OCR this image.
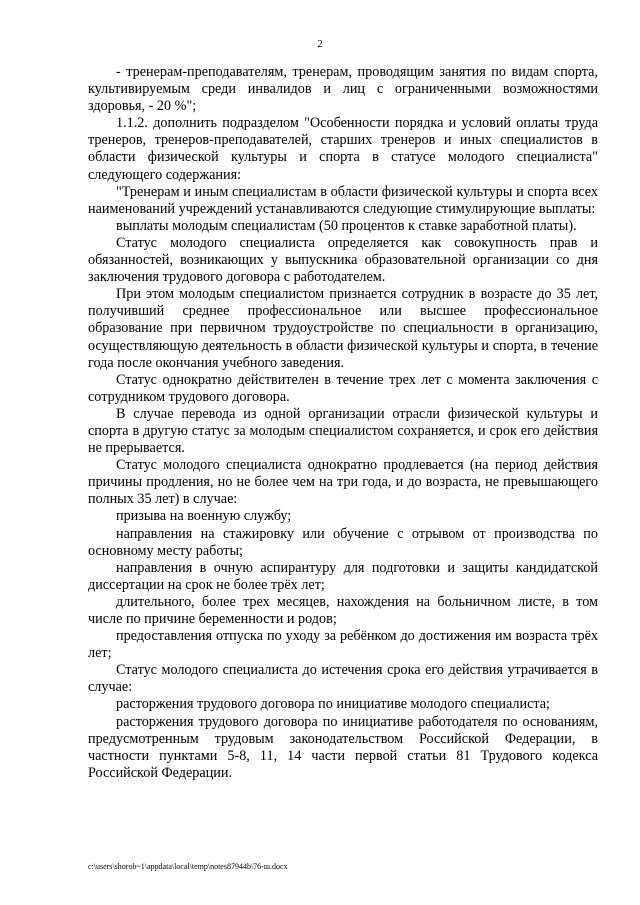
2

- тренерам-преподавателям, тренерам, проводящим занятия по видам спорта, культивируемым среди инвалидов и лиц с ограниченными возможностями здоровья, - 20 %";

1.1.2. дополнить подразделом "Особенности порядка и условий оплаты труда тренеров, тренеров-преподавателей, старших тренеров и иных специалистов в области физической культуры и спорта в статусе молодого специалиста" следующего содержания:

"Тренерам и иным специалистам в области физической культуры и спорта всех наименований учреждений устанавливаются следующие стимулирующие выплаты:

выплаты молодым специалистам (50 процентов к ставке заработной платы).

Статус молодого специалиста определяется как совокупность прав и обязанностей, возникающих у выпускника образовательной организации со дня заключения трудового договора с работодателем.

При этом молодым специалистом признается сотрудник в возрасте до 35 лет, получивший среднее профессиональное или высшее профессиональное образование при первичном трудоустройстве по специальности в организацию, осуществляющую деятельность в области физической культуры и спорта, в течение года после окончания учебного заведения.

Статус однократно действителен в течение трех лет с момента заключения с сотрудником трудового договора.

В случае перевода из одной организации отрасли физической культуры и спорта в другую статус за молодым специалистом сохраняется, и срок его действия не прерывается.

Статус молодого специалиста однократно продлевается (на период действия причины продления, но не более чем на три года, и до возраста, не превышающего полных 35 лет) в случае:

призыва на военную службу;

направления на стажировку или обучение с отрывом от производства по основному месту работы;

направления в очную аспирантуру для подготовки и защиты кандидатской диссертации на срок не более трёх лет;

длительного, более трех месяцев, нахождения на больничном листе, в том числе по причине беременности и родов;

предоставления отпуска по уходу за ребёнком до достижения им возраста трёх лет;

Статус молодого специалиста до истечения срока его действия утрачивается в случае:

расторжения трудового договора по инициативе молодого специалиста;

расторжения трудового договора по инициативе работодателя по основаниям, предусмотренным трудовым законодательством Российской Федерации, в частности пунктами 5-8, 11, 14 части первой статьи 81 Трудового кодекса Российской Федерации.

c:\users\shorob~1\appdata\local\temp\notes87944b\76-ш.docx
